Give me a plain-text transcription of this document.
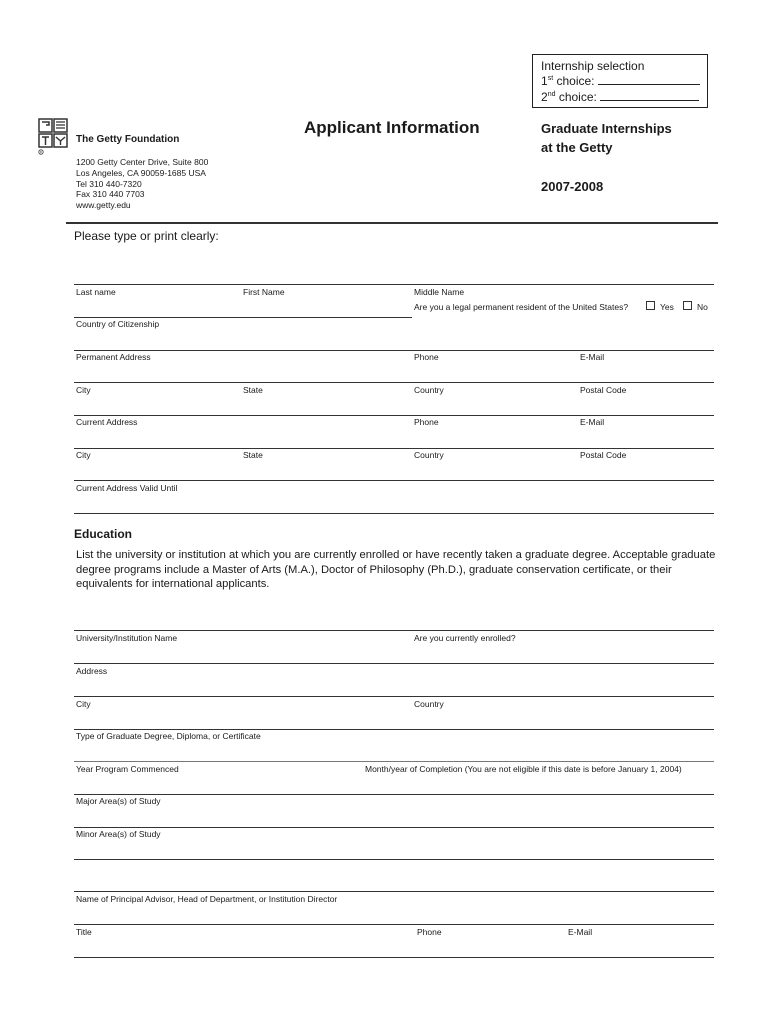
Internship selection
1st choice:
2nd choice:
R
The Getty Foundation
1200 Getty Center Drive, Suite 800
Los Angeles, CA 90059-1685 USA
Tel 310 440-7320
Fax 310 440 7703
www.getty.edu
Applicant Information	Graduate Internships
at the Getty
2007-2008
Please type or print clearly:
Last name	First Name	Middle Name
Are you a legal permanent resident of the United States?	Yes	No
Country of Citizenship
Permanent Address	Phone	E-Mail
City	State	Country	Postal Code
Current Address	Phone	E-Mail
City	State	Country	Postal Code
Current Address Valid Until
Education
List the university or institution at which you are currently enrolled or have recently taken a graduate degree. Acceptable graduate degree programs include a Master of Arts (M.A.), Doctor of Philosophy (Ph.D.), graduate conservation certificate, or their equivalents for international applicants.
University/Institution Name	Are you currently enrolled?
Address
City	Country
Type of Graduate Degree, Diploma, or Certificate
Year Program Commenced	Month/year of Completion (You are not eligible if this date is before January 1, 2004)
Major Area(s) of Study
Minor Area(s) of Study
Name of Principal Advisor, Head of Department, or Institution Director
Title	Phone	E-Mail
